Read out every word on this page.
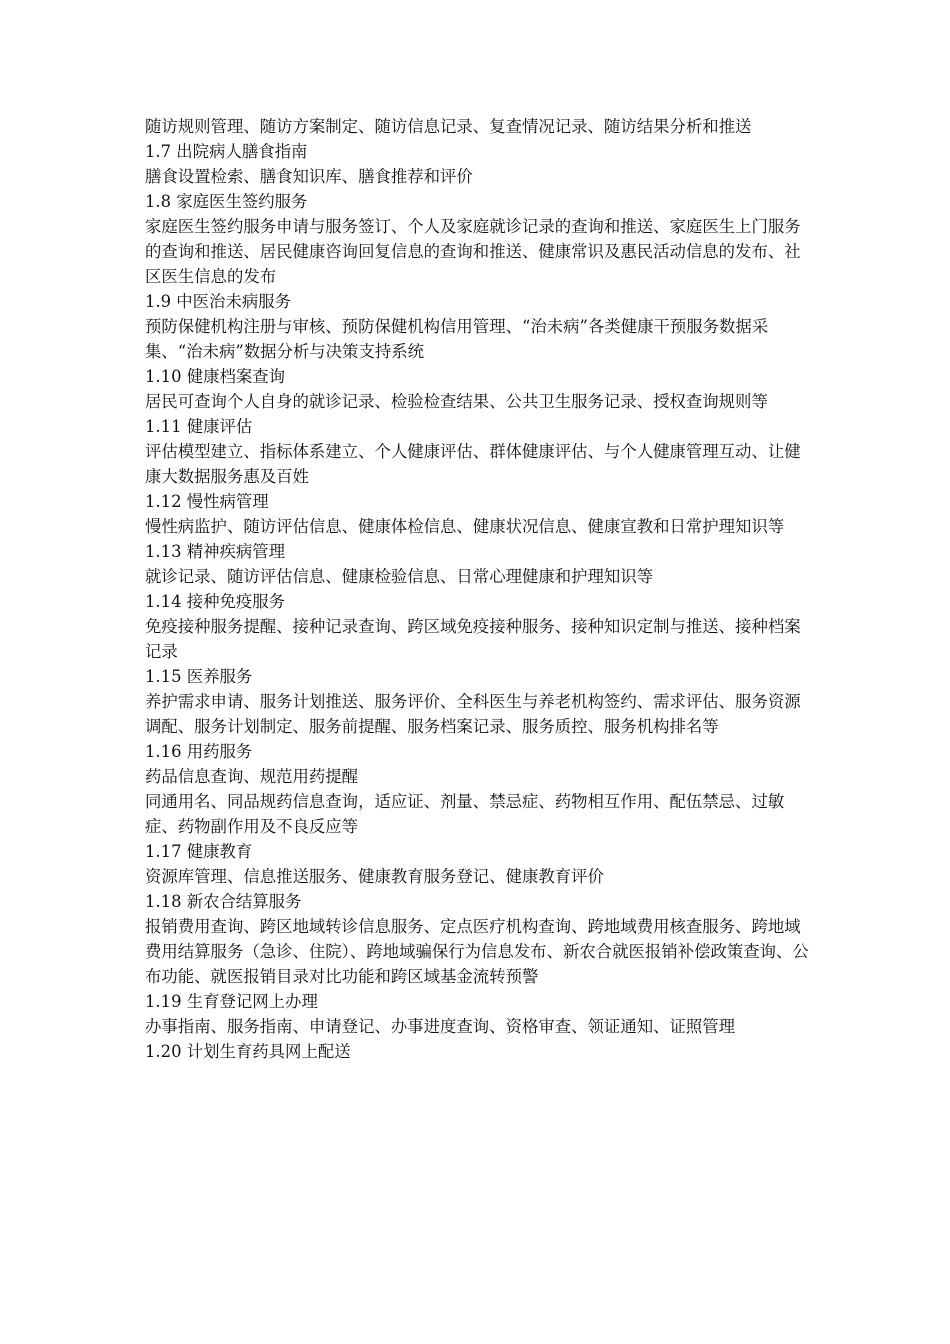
随访规则管理、随访方案制定、随访信息记录、复查情况记录、随访结果分析和推送

1.7 出院病人膳食指南

膳食设置检索、膳食知识库、膳食推荐和评价

1.8 家庭医生签约服务

家庭医生签约服务申请与服务签订、个人及家庭就诊记录的查询和推送、家庭医生上门服务的查询和推送、居民健康咨询回复信息的查询和推送、健康常识及惠民活动信息的发布、社区医生信息的发布

1.9 中医治未病服务

预防保健机构注册与审核、预防保健机构信用管理、“治未病”各类健康干预服务数据采集、“治未病”数据分析与决策支持系统

1.10 健康档案查询

居民可查询个人自身的就诊记录、检验检查结果、公共卫生服务记录、授权查询规则等

1.11 健康评估

评估模型建立、指标体系建立、个人健康评估、群体健康评估、与个人健康管理互动、让健康大数据服务惠及百姓

1.12 慢性病管理

慢性病监护、随访评估信息、健康体检信息、健康状况信息、健康宣教和日常护理知识等

1.13 精神疾病管理

就诊记录、随访评估信息、健康检验信息、日常心理健康和护理知识等

1.14 接种免疫服务

免疫接种服务提醒、接种记录查询、跨区域免疫接种服务、接种知识定制与推送、接种档案记录

1.15 医养服务

养护需求申请、服务计划推送、服务评价、全科医生与养老机构签约、需求评估、服务资源调配、服务计划制定、服务前提醒、服务档案记录、服务质控、服务机构排名等

1.16 用药服务

药品信息查询、规范用药提醒

同通用名、同品规药信息查询，适应证、剂量、禁忌症、药物相互作用、配伍禁忌、过敏症、药物副作用及不良反应等

1.17 健康教育

资源库管理、信息推送服务、健康教育服务登记、健康教育评价

1.18 新农合结算服务

报销费用查询、跨区地域转诊信息服务、定点医疗机构查询、跨地域费用核查服务、跨地域费用结算服务（急诊、住院）、跨地域骗保行为信息发布、新农合就医报销补偿政策查询、公布功能、就医报销目录对比功能和跨区域基金流转预警

1.19 生育登记网上办理

办事指南、服务指南、申请登记、办事进度查询、资格审查、领证通知、证照管理

1.20 计划生育药具网上配送
